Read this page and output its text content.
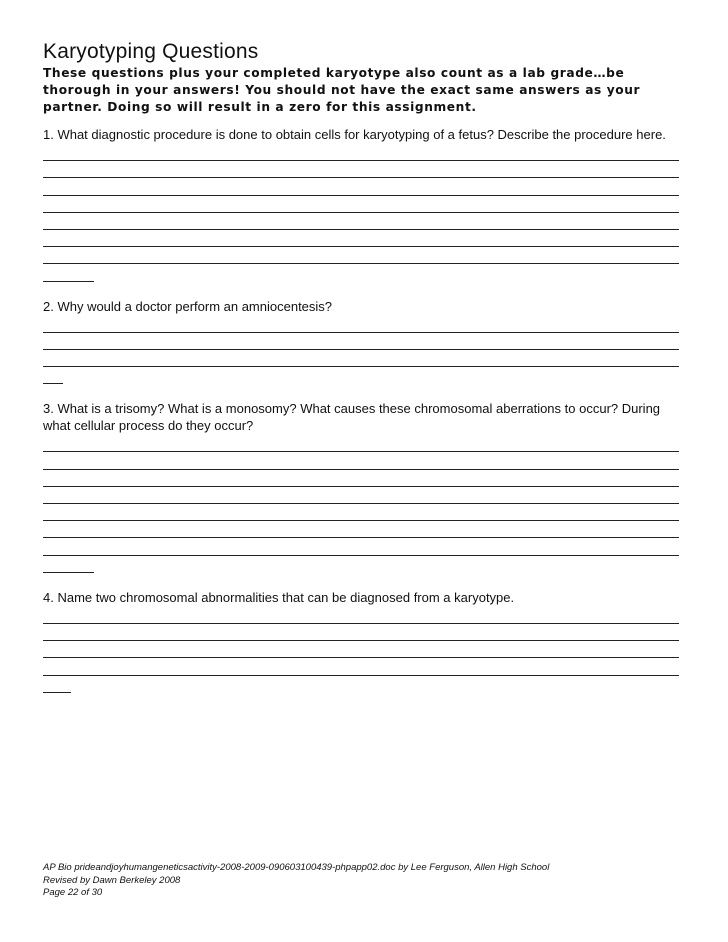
Karyotyping Questions

These questions plus your completed karyotype also count as a lab grade…be thorough in your answers! You should not have the exact same answers as your partner. Doing so will result in a zero for this assignment.

1. What diagnostic procedure is done to obtain cells for karyotyping of a fetus? Describe the procedure here.

2. Why would a doctor perform an amniocentesis?

3. What is a trisomy? What is a monosomy? What causes these chromosomal aberrations to occur? During what cellular process do they occur?

4. Name two chromosomal abnormalities that can be diagnosed from a karyotype.

AP Bio prideandjoyhumangeneticsactivity-2008-2009-090603100439-phpapp02.doc by Lee Ferguson, Allen High School
Revised by Dawn Berkeley 2008
Page 22 of 30
